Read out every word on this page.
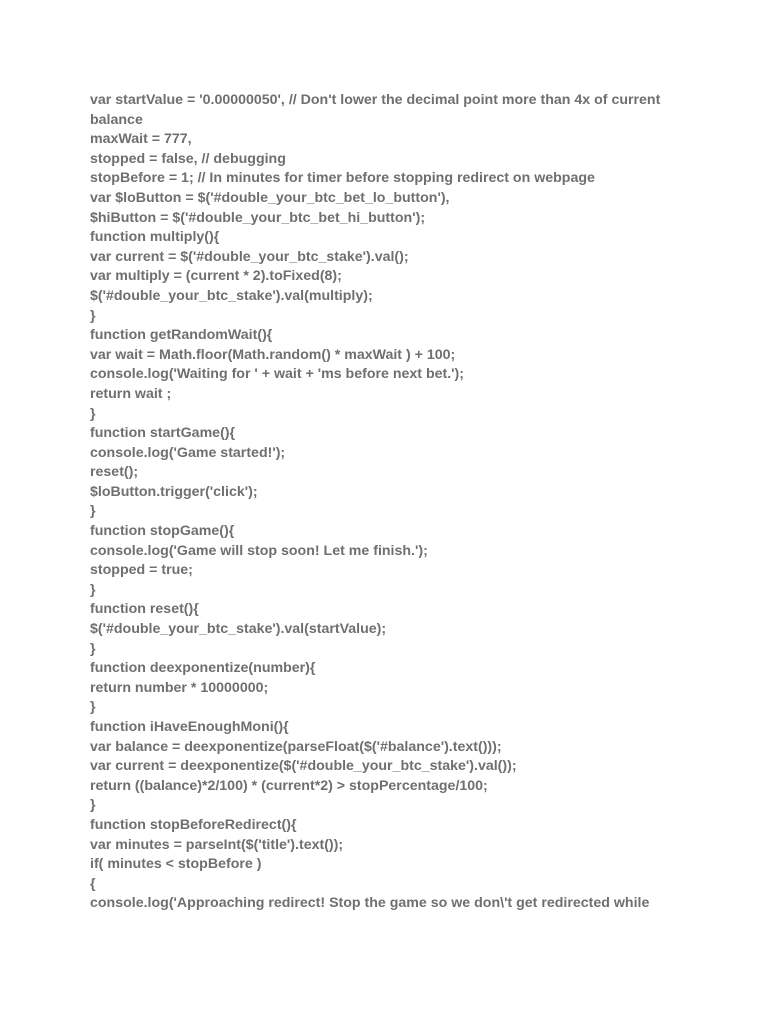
var startValue = '0.00000050', // Don't lower the decimal point more than 4x of current
balance
maxWait = 777,
stopped = false, // debugging
stopBefore = 1; // In minutes for timer before stopping redirect on webpage
var $loButton = $('#double_your_btc_bet_lo_button'),
$hiButton = $('#double_your_btc_bet_hi_button');
function multiply(){
var current = $('#double_your_btc_stake').val();
var multiply = (current * 2).toFixed(8);
$('#double_your_btc_stake').val(multiply);
}
function getRandomWait(){
var wait = Math.floor(Math.random() * maxWait ) + 100;
console.log('Waiting for ' + wait + 'ms before next bet.');
return wait ;
}
function startGame(){
console.log('Game started!');
reset();
$loButton.trigger('click');
}
function stopGame(){
console.log('Game will stop soon! Let me finish.');
stopped = true;
}
function reset(){
$('#double_your_btc_stake').val(startValue);
}
function deexponentize(number){
return number * 10000000;
}
function iHaveEnoughMoni(){
var balance = deexponentize(parseFloat($('#balance').text()));
var current = deexponentize($('#double_your_btc_stake').val());
return ((balance)*2/100) * (current*2) > stopPercentage/100;
}
function stopBeforeRedirect(){
var minutes = parseInt($('title').text());
if( minutes < stopBefore )
{
console.log('Approaching redirect! Stop the game so we don\'t get redirected while
